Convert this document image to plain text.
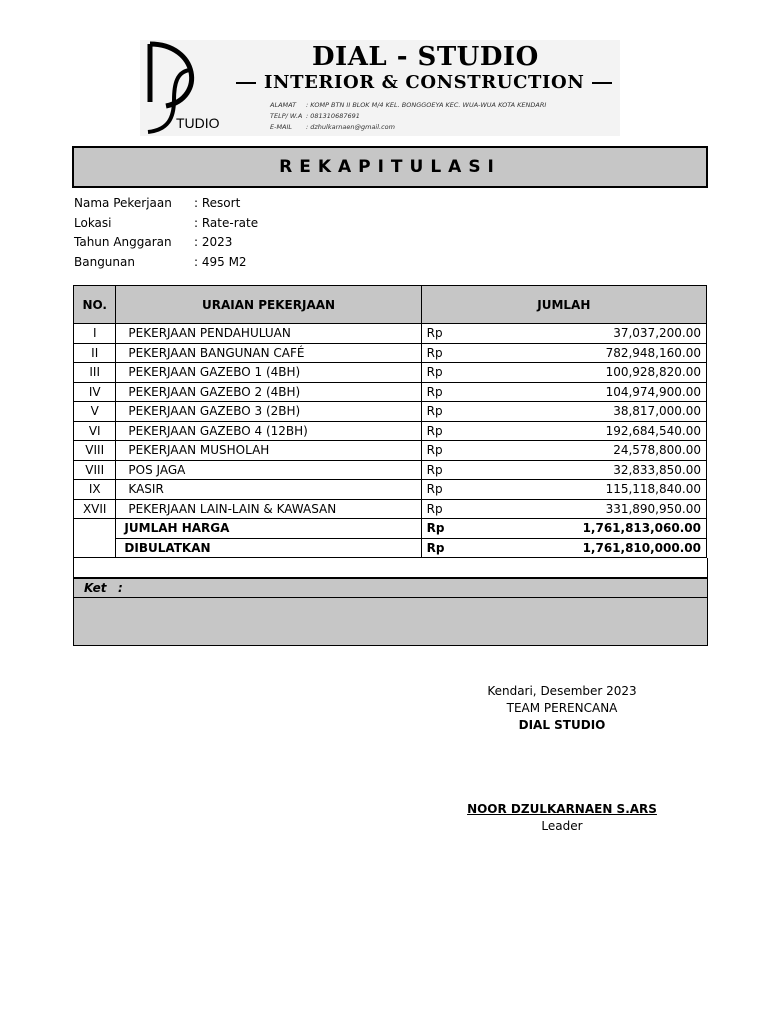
TUDIO
DIAL - STUDIO
INTERIOR & CONSTRUCTION
ALAMAT : KOMP BTN II BLOK M/4 KEL. BONGGOEYA KEC. WUA-WUA KOTA KENDARI
TELP/ W.A : 081310687691
E-MAIL : dzhulkarnaen@gmail.com
REKAPITULASI
Nama Pekerjaan	: Resort
Lokasi	: Rate-rate
Tahun Anggaran	: 2023
Bangunan	: 495 M2
NO.	URAIAN PEKERJAAN	JUMLAH
I	PEKERJAAN PENDAHULUAN	Rp 37,037,200.00

II	PEKERJAAN BANGUNAN CAFÉ	Rp 782,948,160.00

III	PEKERJAAN GAZEBO 1 (4BH)	Rp 100,928,820.00

IV	PEKERJAAN GAZEBO 2 (4BH)	Rp 104,974,900.00

V	PEKERJAAN GAZEBO 3 (2BH)	Rp 38,817,000.00

VI	PEKERJAAN GAZEBO 4 (12BH)	Rp 192,684,540.00

VIII	PEKERJAAN MUSHOLAH	Rp 24,578,800.00

VIII	POS JAGA	Rp 32,833,850.00

IX	KASIR	Rp 115,118,840.00

XVII	PEKERJAAN LAIN-LAIN & KAWASAN	Rp 331,890,950.00

	JUMLAH HARGA	Rp 1,761,813,060.00

	DIBULATKAN	Rp 1,761,810,000.00
Ket :
Kendari, Desember 2023
TEAM PERENCANA
DIAL STUDIO
NOOR DZULKARNAEN S.ARS
Leader
